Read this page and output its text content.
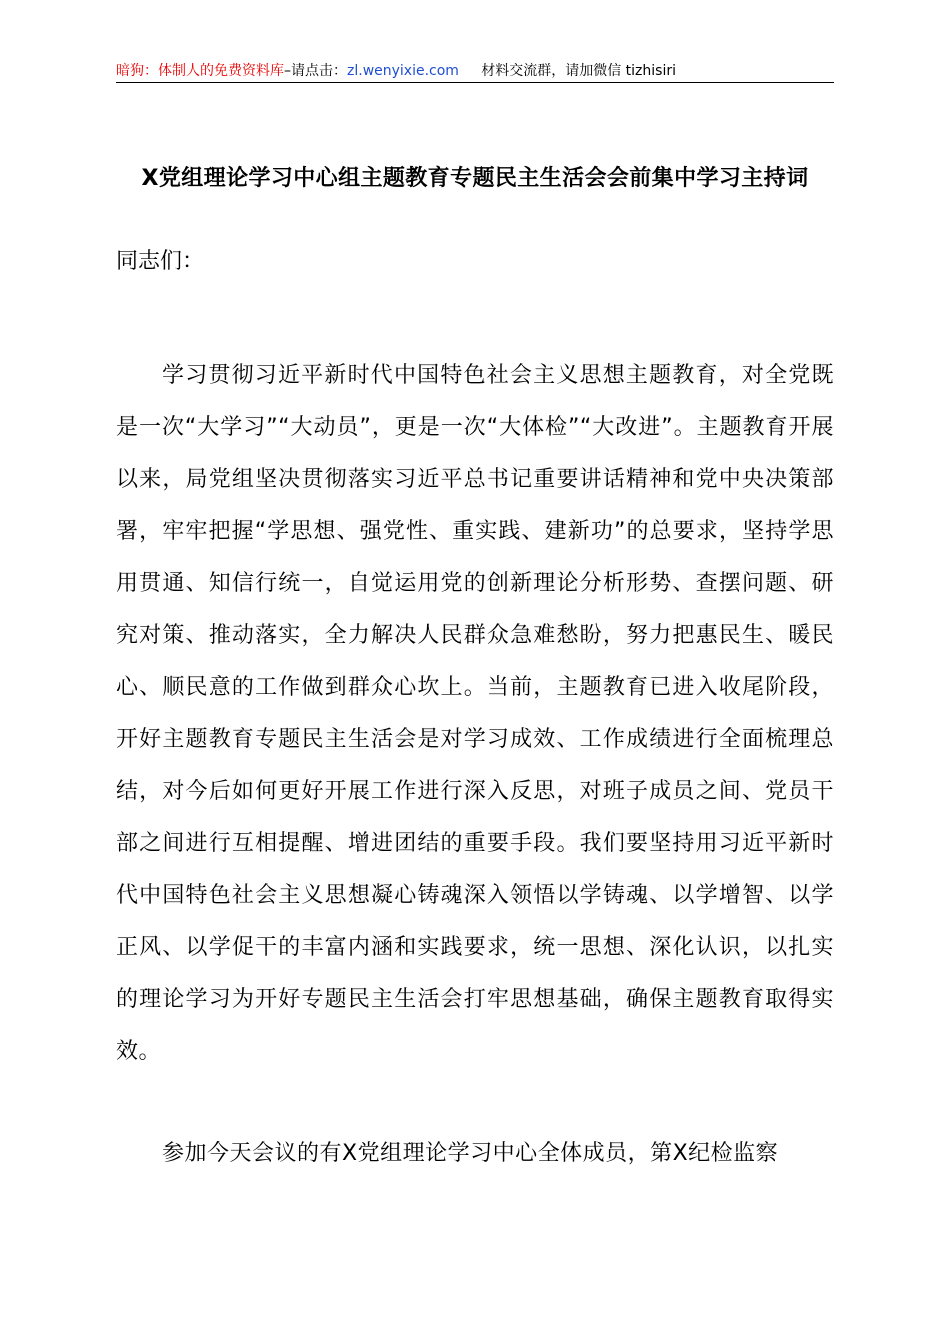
暗狗：体制人的免费资料库–请点击：zl.wenyixie.com 材料交流群，请加微信 tizhisiri
X党组理论学习中心组主题教育专题民主生活会会前集中学习主持词
同志们：

学习贯彻习近平新时代中国特色社会主义思想主题教育，对全党既是一次“大学习”“大动员”，更是一次“大体检”“大改进”。主题教育开展以来，局党组坚决贯彻落实习近平总书记重要讲话精神和党中央决策部署，牢牢把握“学思想、强党性、重实践、建新功”的总要求，坚持学思用贯通、知信行统一，自觉运用党的创新理论分析形势、查摆问题、研究对策、推动落实，全力解决人民群众急难愁盼，努力把惠民生、暖民心、顺民意的工作做到群众心坎上。当前，主题教育已进入收尾阶段，开好主题教育专题民主生活会是对学习成效、工作成绩进行全面梳理总结，对今后如何更好开展工作进行深入反思，对班子成员之间、党员干部之间进行互相提醒、增进团结的重要手段。我们要坚持用习近平新时代中国特色社会主义思想凝心铸魂深入领悟以学铸魂、以学增智、以学正风、以学促干的丰富内涵和实践要求，统一思想、深化认识，以扎实的理论学习为开好专题民主生活会打牢思想基础，确保主题教育取得实效。

参加今天会议的有X党组理论学习中心全体成员，第X纪检监察
